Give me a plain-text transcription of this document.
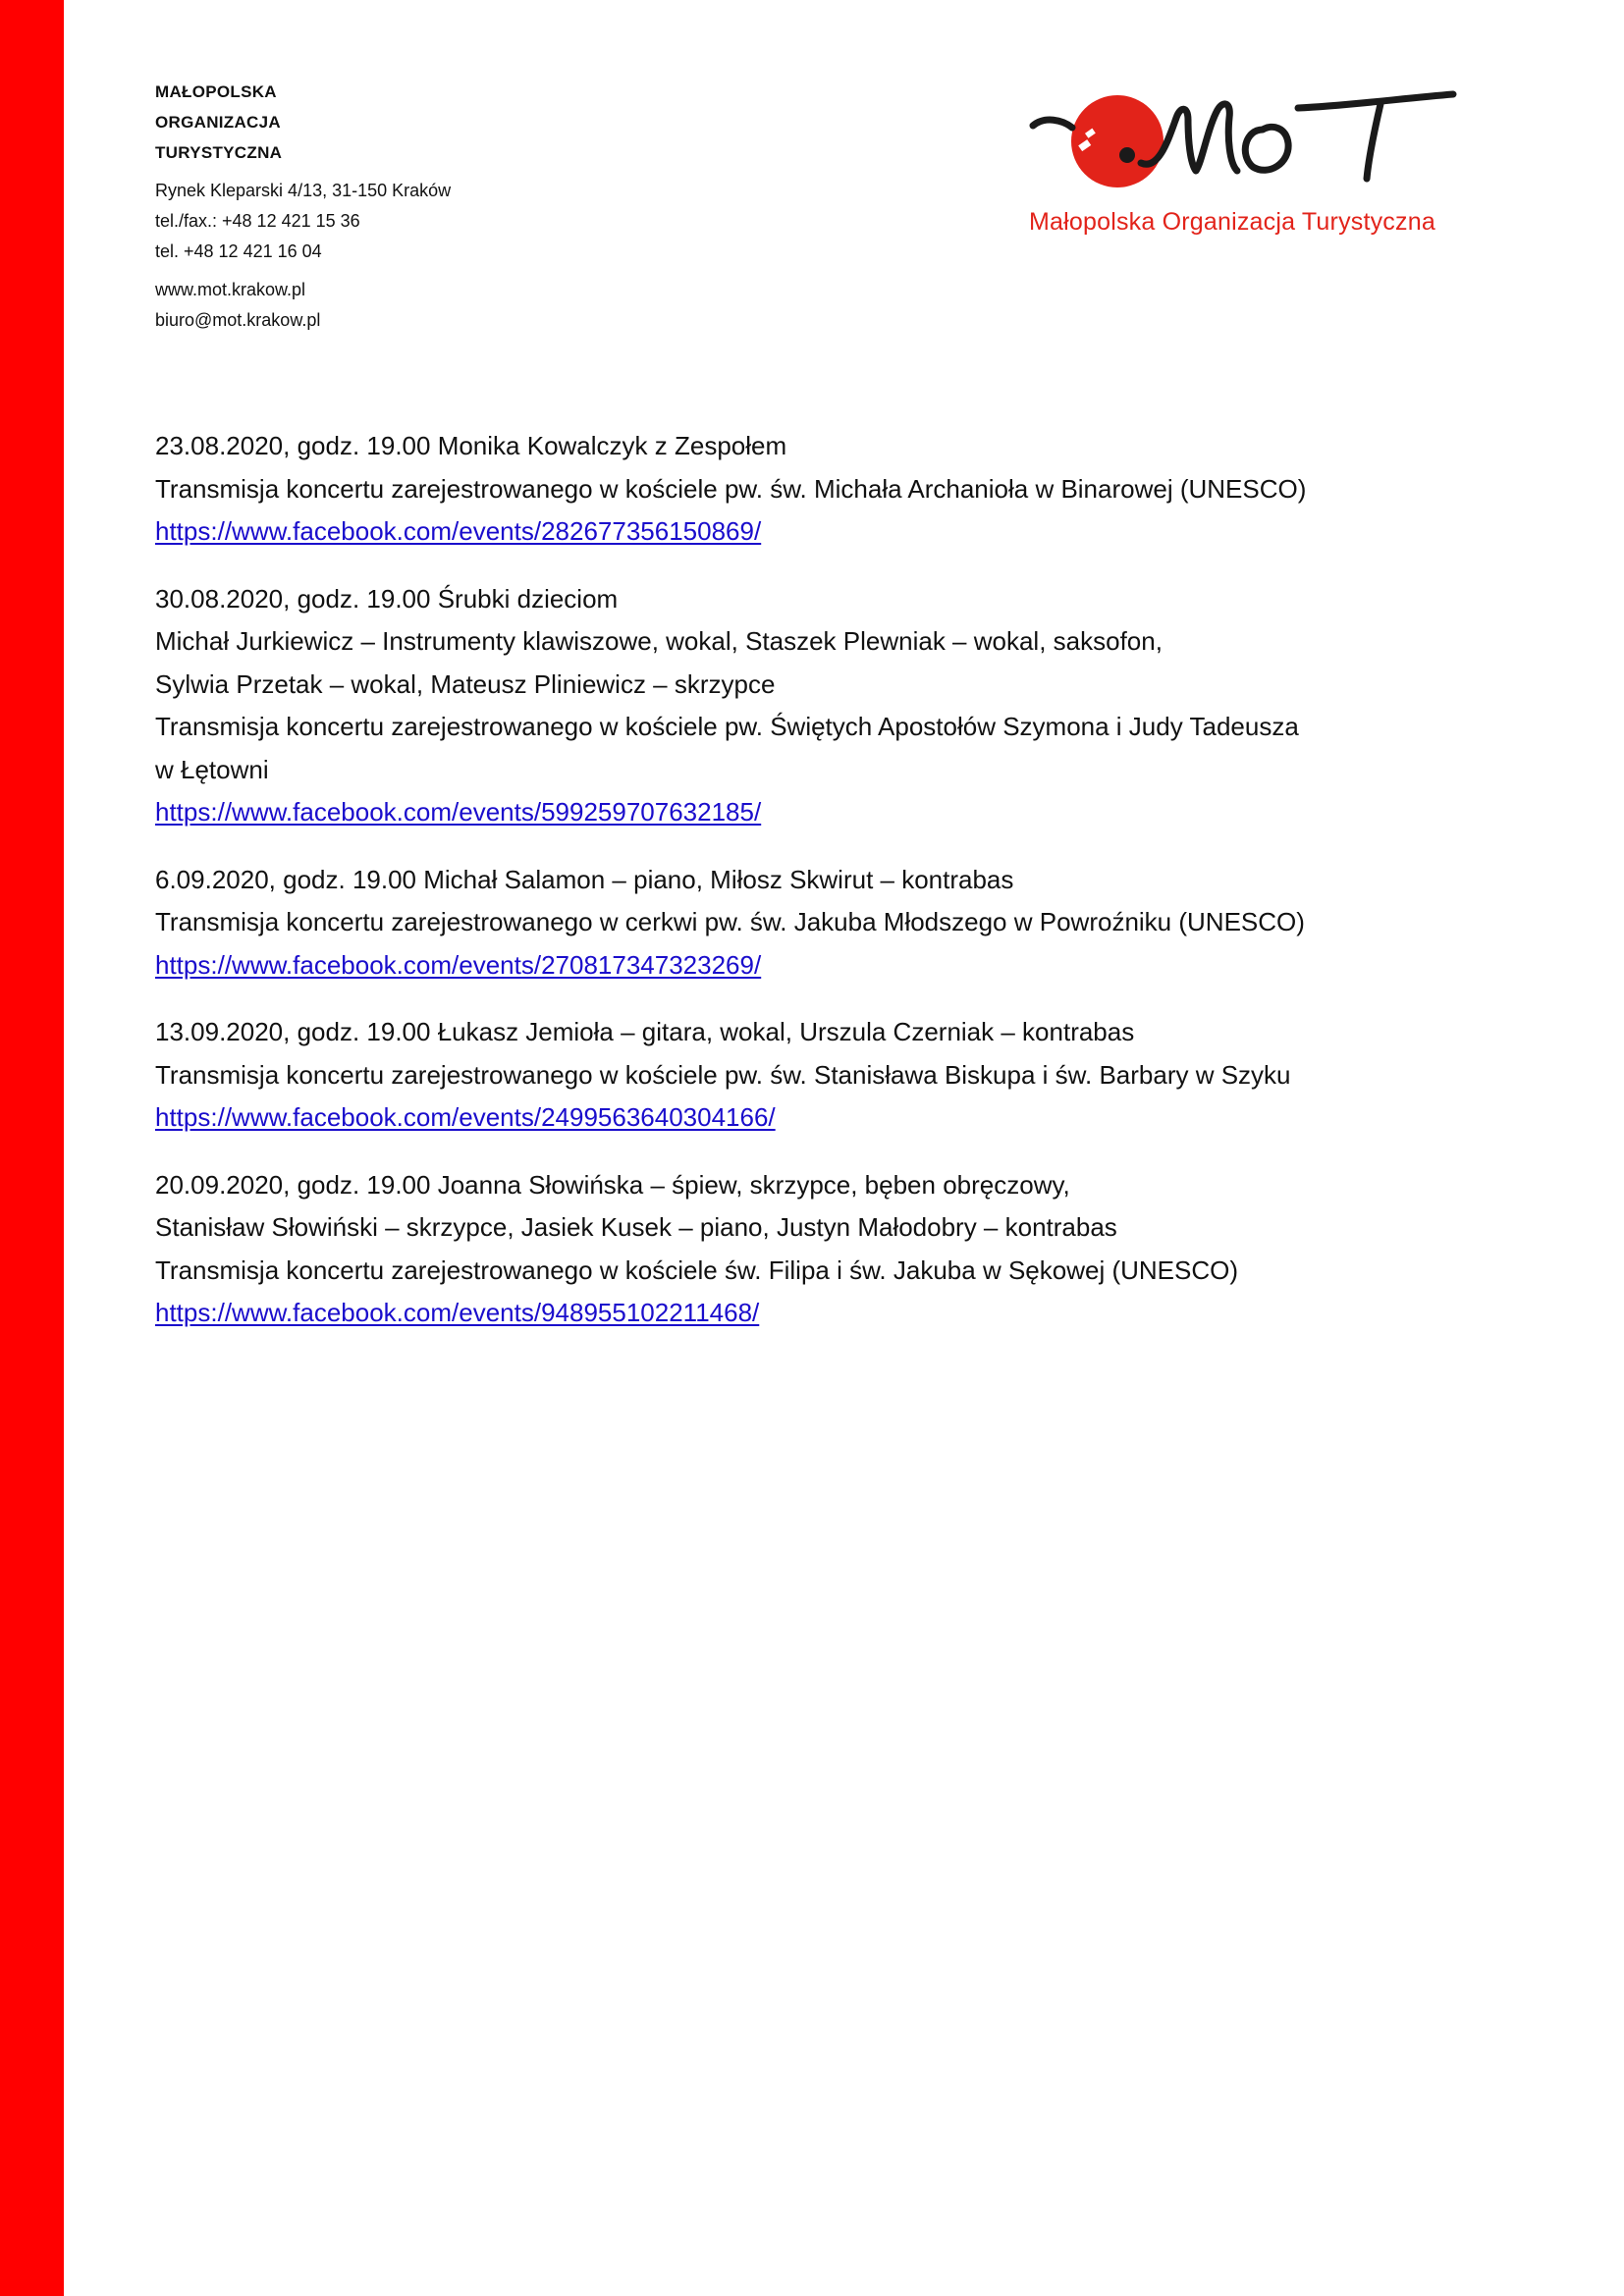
MAŁOPOLSKA
ORGANIZACJA
TURYSTYCZNA
Rynek Kleparski 4/13, 31-150 Kraków
tel./fax.: +48 12 421 15 36
tel. +48 12 421 16 04
www.mot.krakow.pl
biuro@mot.krakow.pl
Małopolska Organizacja Turystyczna
23.08.2020, godz. 19.00 Monika Kowalczyk z Zespołem
Transmisja koncertu zarejestrowanego w kościele pw. św. Michała Archanioła w Binarowej (UNESCO)
https://www.facebook.com/events/282677356150869/
30.08.2020, godz. 19.00 Śrubki dzieciom
Michał Jurkiewicz – Instrumenty klawiszowe, wokal, Staszek Plewniak – wokal, saksofon,
Sylwia Przetak – wokal, Mateusz Pliniewicz – skrzypce
Transmisja koncertu zarejestrowanego w kościele pw. Świętych Apostołów Szymona i Judy Tadeusza
w Łętowni
https://www.facebook.com/events/599259707632185/
6.09.2020, godz. 19.00 Michał Salamon – piano, Miłosz Skwirut – kontrabas
Transmisja koncertu zarejestrowanego w cerkwi pw. św. Jakuba Młodszego w Powroźniku (UNESCO)
https://www.facebook.com/events/270817347323269/
13.09.2020, godz. 19.00 Łukasz Jemioła – gitara, wokal, Urszula Czerniak – kontrabas
Transmisja koncertu zarejestrowanego w kościele pw. św. Stanisława Biskupa i św. Barbary w Szyku
https://www.facebook.com/events/2499563640304166/
20.09.2020, godz. 19.00 Joanna Słowińska – śpiew, skrzypce, bęben obręczowy,
Stanisław Słowiński – skrzypce, Jasiek Kusek – piano, Justyn Małodobry – kontrabas
Transmisja koncertu zarejestrowanego w kościele św. Filipa i św. Jakuba w Sękowej (UNESCO)
https://www.facebook.com/events/948955102211468/
